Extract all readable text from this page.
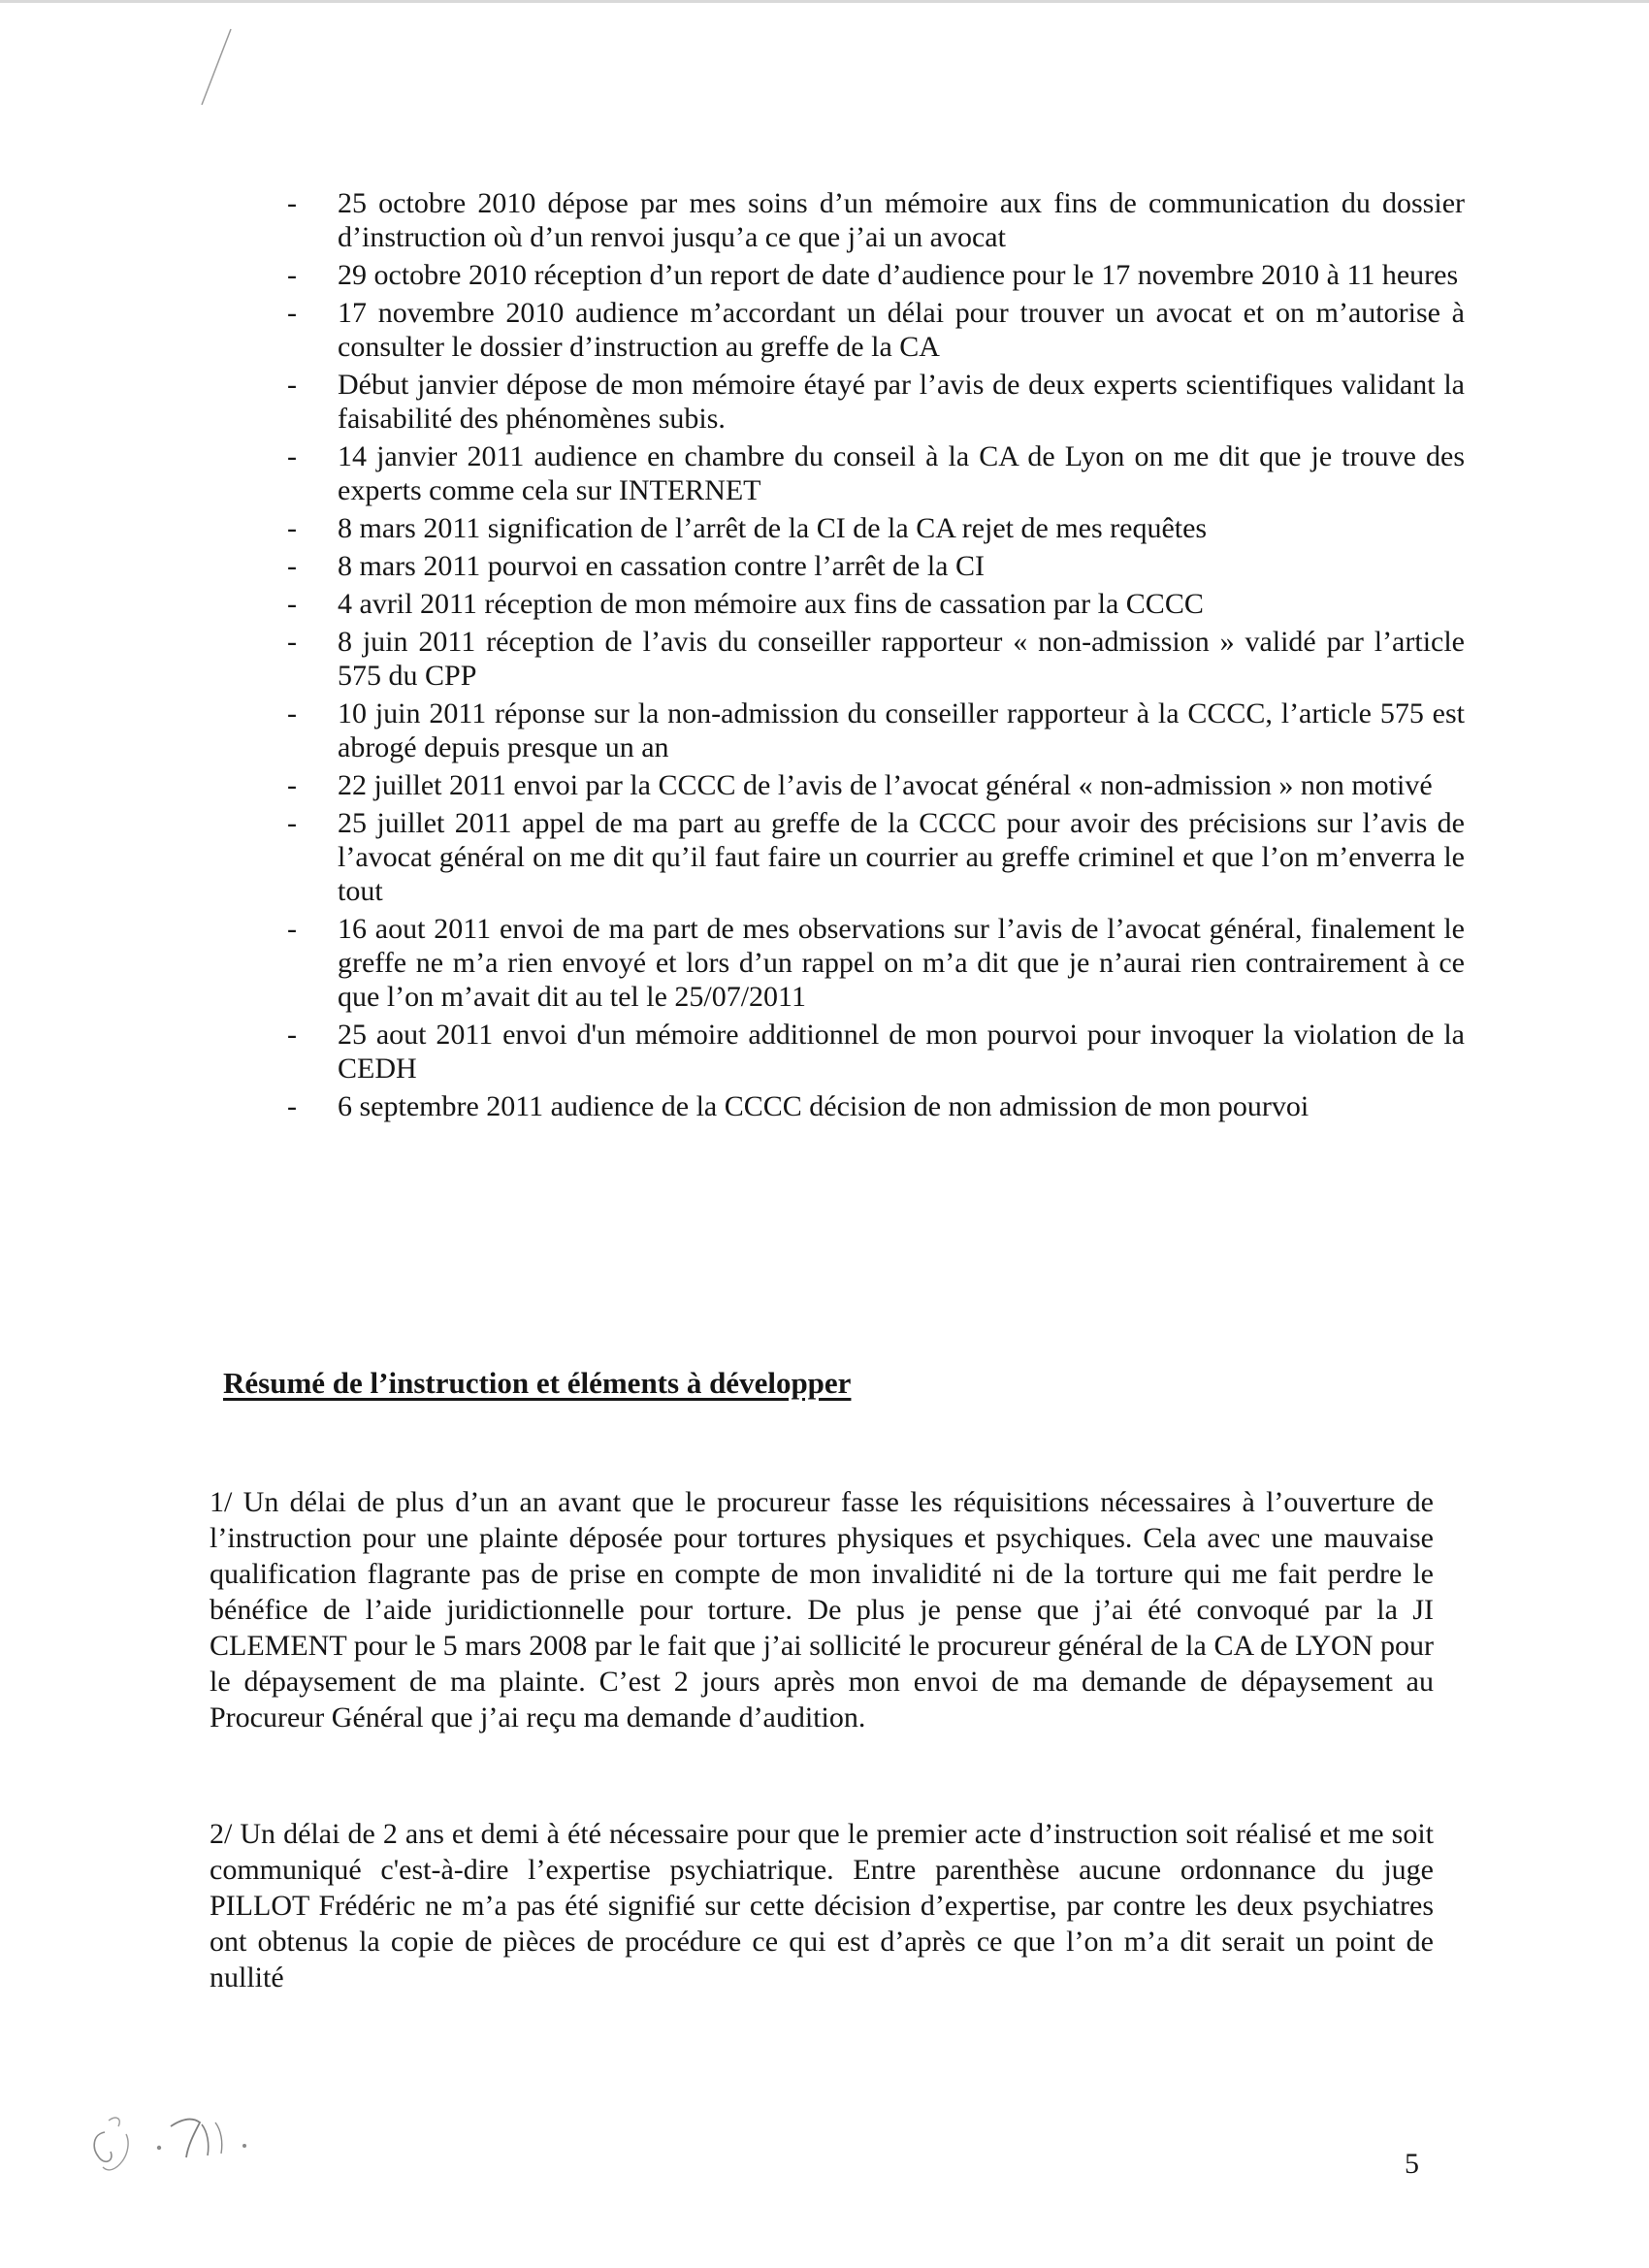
- 25 octobre 2010 dépose par mes soins d’un mémoire aux fins de communication du dossier d’instruction où d’un renvoi jusqu’a ce que j’ai un avocat
- 29 octobre 2010 réception d’un report de date d’audience pour le 17 novembre 2010 à 11 heures
- 17 novembre 2010 audience m’accordant un délai pour trouver un avocat et on m’autorise à consulter le dossier d’instruction au greffe de la CA
- Début janvier dépose de mon mémoire étayé par l’avis de deux experts scientifiques validant la faisabilité des phénomènes subis.
- 14 janvier 2011 audience en chambre du conseil à la CA de Lyon on me dit que je trouve des experts comme cela sur INTERNET
- 8 mars 2011 signification de l’arrêt de la CI de la CA rejet de mes requêtes
- 8 mars 2011 pourvoi en cassation contre l’arrêt de la CI
- 4 avril 2011 réception de mon mémoire aux fins de cassation par la CCCC
- 8 juin 2011 réception de l’avis du conseiller rapporteur « non-admission » validé par l’article 575 du CPP
- 10 juin 2011 réponse sur la non-admission du conseiller rapporteur à la CCCC, l’article 575 est abrogé depuis presque un an
- 22 juillet 2011 envoi par la CCCC de l’avis de l’avocat général « non-admission » non motivé
- 25 juillet 2011 appel de ma part au greffe de la CCCC pour avoir des précisions sur l’avis de l’avocat général on me dit qu’il faut faire un courrier au greffe criminel et que l’on m’enverra le tout
- 16 aout 2011 envoi de ma part de mes observations sur l’avis de l’avocat général, finalement le greffe ne m’a rien envoyé et lors d’un rappel on m’a dit que je n’aurai rien contrairement à ce que l’on m’avait dit au tel le 25/07/2011
- 25 aout 2011 envoi d'un mémoire additionnel de mon pourvoi pour invoquer la violation de la CEDH
- 6 septembre 2011 audience de la CCCC décision de non admission de mon pourvoi
Résumé de l’instruction et éléments à développer

1/ Un délai de plus d’un an avant que le procureur fasse les réquisitions nécessaires à l’ouverture de l’instruction pour une plainte déposée pour tortures physiques et psychiques. Cela avec une mauvaise qualification flagrante pas de prise en compte de mon invalidité ni de la torture qui me fait perdre le bénéfice de l’aide juridictionnelle pour torture. De plus je pense que j’ai été convoqué par la JI CLEMENT pour le 5 mars 2008 par le fait que j’ai sollicité le procureur général de la CA de LYON pour le dépaysement de ma plainte. C’est 2 jours après mon envoi de ma demande de dépaysement au Procureur Général que j’ai reçu ma demande d’audition.

2/ Un délai de 2 ans et demi à été nécessaire pour que le premier acte d’instruction soit réalisé et me soit communiqué c'est-à-dire l’expertise psychiatrique. Entre parenthèse aucune ordonnance du juge PILLOT Frédéric ne m’a pas été signifié sur cette décision d’expertise, par contre les deux psychiatres ont obtenus la copie de pièces de procédure ce qui est d’après ce que l’on m’a dit serait un point de nullité

5
